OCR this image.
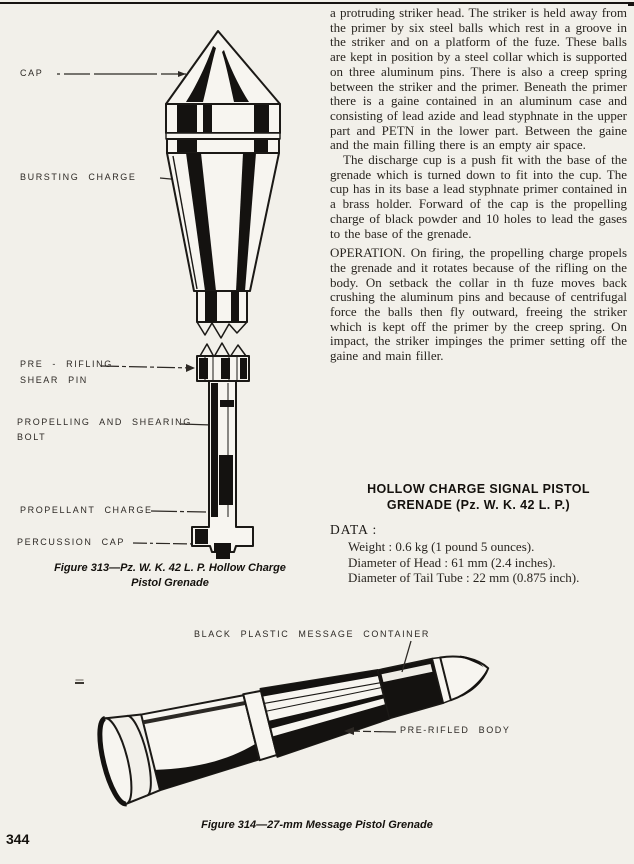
CAP
BURSTING CHARGE
PRE - RIFLING
SHEAR PIN
PROPELLING AND SHEARING
BOLT
PROPELLANT CHARGE
PERCUSSION CAP
Figure 313—Pz. W. K. 42 L. P. Hollow Charge
Pistol Grenade

a protruding striker head. The striker is held away from the primer by six steel balls which rest in a groove in the striker and on a platform of the fuze. These balls are kept in position by a steel collar which is supported on three aluminum pins. There is also a creep spring between the striker and the primer. Beneath the primer there is a gaine contained in an aluminum case and consisting of lead azide and lead styphnate in the upper part and PETN in the lower part. Between the gaine and the main filling there is an empty air space.

The discharge cup is a push fit with the base of the grenade which is turned down to fit into the cup. The cup has in its base a lead styphnate primer contained in a brass holder. Forward of the cap is the propelling charge of black powder and 10 holes to lead the gases to the base of the grenade.

OPERATION. On firing, the propelling charge propels the grenade and it rotates because of the rifling on the body. On setback the collar in th fuze moves back crushing the aluminum pins and because of centrifugal force the balls then fly outward, freeing the striker which is kept off the primer by the creep spring. On impact, the striker impinges the primer setting off the gaine and main filler.

HOLLOW CHARGE SIGNAL PISTOL
GRENADE (Pz. W. K. 42 L. P.)
DATA :
Weight : 0.6 kg (1 pound 5 ounces).
Diameter of Head : 61 mm (2.4 inches).
Diameter of Tail Tube : 22 mm (0.875 inch).
BLACK PLASTIC MESSAGE CONTAINER
PRE-RIFLED BODY
Figure 314—27-mm Message Pistol Grenade
344
